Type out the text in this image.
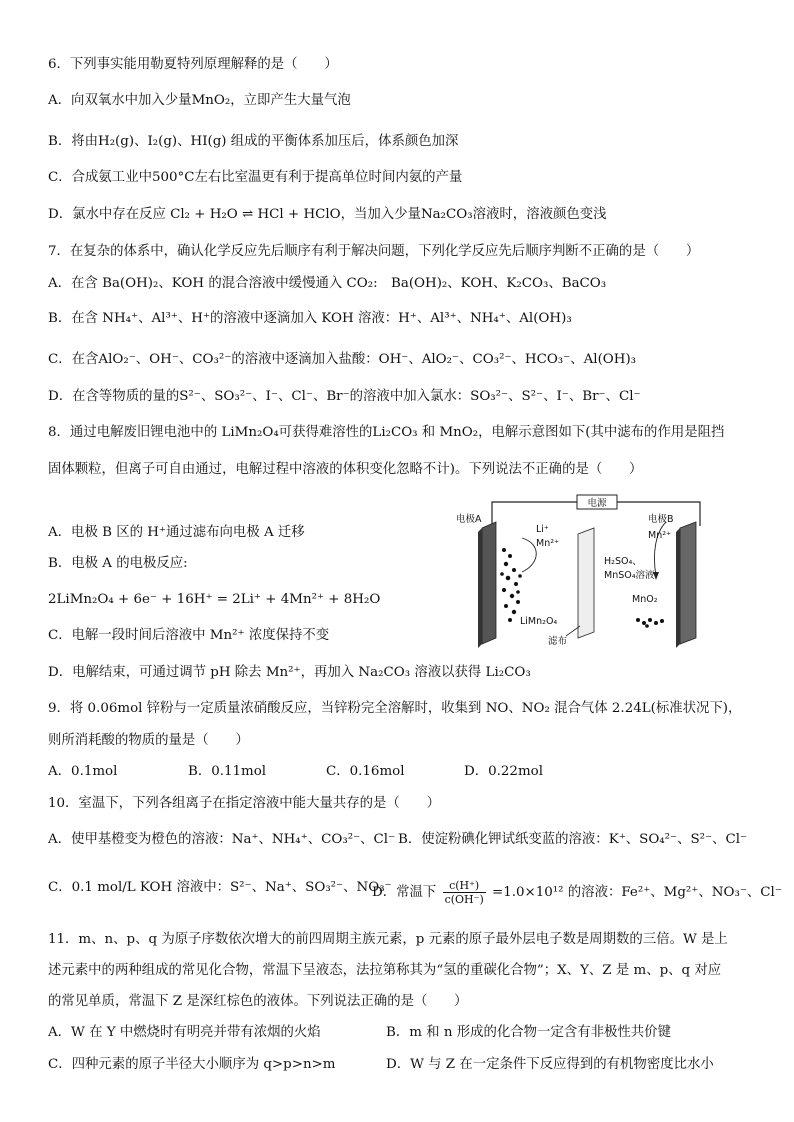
6．下列事实能用勒夏特列原理解释的是（　　）
A．向双氧水中加入少量MnO₂，立即产生大量气泡
B．将由H₂(g)、I₂(g)、HI(g) 组成的平衡体系加压后，体系颜色加深
C．合成氨工业中500°C左右比室温更有利于提高单位时间内氨的产量
D．氯水中存在反应 Cl₂ + H₂O ⇌ HCl + HClO，当加入少量Na₂CO₃溶液时，溶液颜色变浅
7．在复杂的体系中，确认化学反应先后顺序有利于解决问题，下列化学反应先后顺序判断不正确的是（　　）
A．在含 Ba(OH)₂、KOH 的混合溶液中缓慢通入 CO₂:　Ba(OH)₂、KOH、K₂CO₃、BaCO₃
B．在含 NH₄⁺、Al³⁺、H⁺的溶液中逐滴加入 KOH 溶液：H⁺、Al³⁺、NH₄⁺、Al(OH)₃
C．在含AlO₂⁻、OH⁻、CO₃²⁻的溶液中逐滴加入盐酸：OH⁻、AlO₂⁻、CO₃²⁻、HCO₃⁻、Al(OH)₃
D．在含等物质的量的S²⁻、SO₃²⁻、I⁻、Cl⁻、Br⁻的溶液中加入氯水：SO₃²⁻、S²⁻、I⁻、Br⁻、Cl⁻
8．通过电解废旧锂电池中的 LiMn₂O₄可获得难溶性的Li₂CO₃ 和 MnO₂，电解示意图如下(其中滤布的作用是阻挡
固体颗粒，但离子可自由通过，电解过程中溶液的体积变化忽略不计)。下列说法不正确的是（　　）
A．电极 B 区的 H⁺通过滤布向电极 A 迁移
B．电极 A 的电极反应:
2LiMn₂O₄ + 6e⁻ + 16H⁺ = 2Li⁺ + 4Mn²⁺ + 8H₂O
C．电解一段时间后溶液中 Mn²⁺ 浓度保持不变
D．电解结束，可通过调节 pH 除去 Mn²⁺，再加入 Na₂CO₃ 溶液以获得 Li₂CO₃
电源
电极A	电极B
Li⁺
Mn²⁺
Mn²⁺
H₂SO₄、
MnSO₄溶液
LiMn₂O₄
MnO₂
滤布
9．将 0.06mol 锌粉与一定质量浓硝酸反应，当锌粉完全溶解时，收集到 NO、NO₂ 混合气体 2.24L(标准状况下)，
则所消耗酸的物质的量是（　　）
A．0.1mol	B．0.11mol	C．0.16mol	D．0.22mol
10．室温下，下列各组离子在指定溶液中能大量共存的是（　　）
A．使甲基橙变为橙色的溶液：Na⁺、NH₄⁺、CO₃²⁻、Cl⁻ B．使淀粉碘化钾试纸变蓝的溶液：K⁺、SO₄²⁻、S²⁻、Cl⁻
C．0.1 mol/L KOH 溶液中：S²⁻、Na⁺、SO₃²⁻、NO₃⁻
D．常温下 $\frac{c(H^+)}{c(OH^-)} =1.0\times 10^{12}$ 的溶液：Fe²⁺、Mg²⁺、NO₃⁻、Cl⁻
11．m、n、p、q 为原子序数依次增大的前四周期主族元素，p 元素的原子最外层电子数是周期数的三倍。W 是上
述元素中的两种组成的常见化合物，常温下呈液态，法拉第称其为“氢的重碳化合物”；X、Y、Z 是 m、p、q 对应
的常见单质，常温下 Z 是深红棕色的液体。下列说法正确的是（　　）
A．W 在 Y 中燃烧时有明亮并带有浓烟的火焰	B．m 和 n 形成的化合物一定含有非极性共价键
C．四种元素的原子半径大小顺序为 q>p>n>m	D．W 与 Z 在一定条件下反应得到的有机物密度比水小
